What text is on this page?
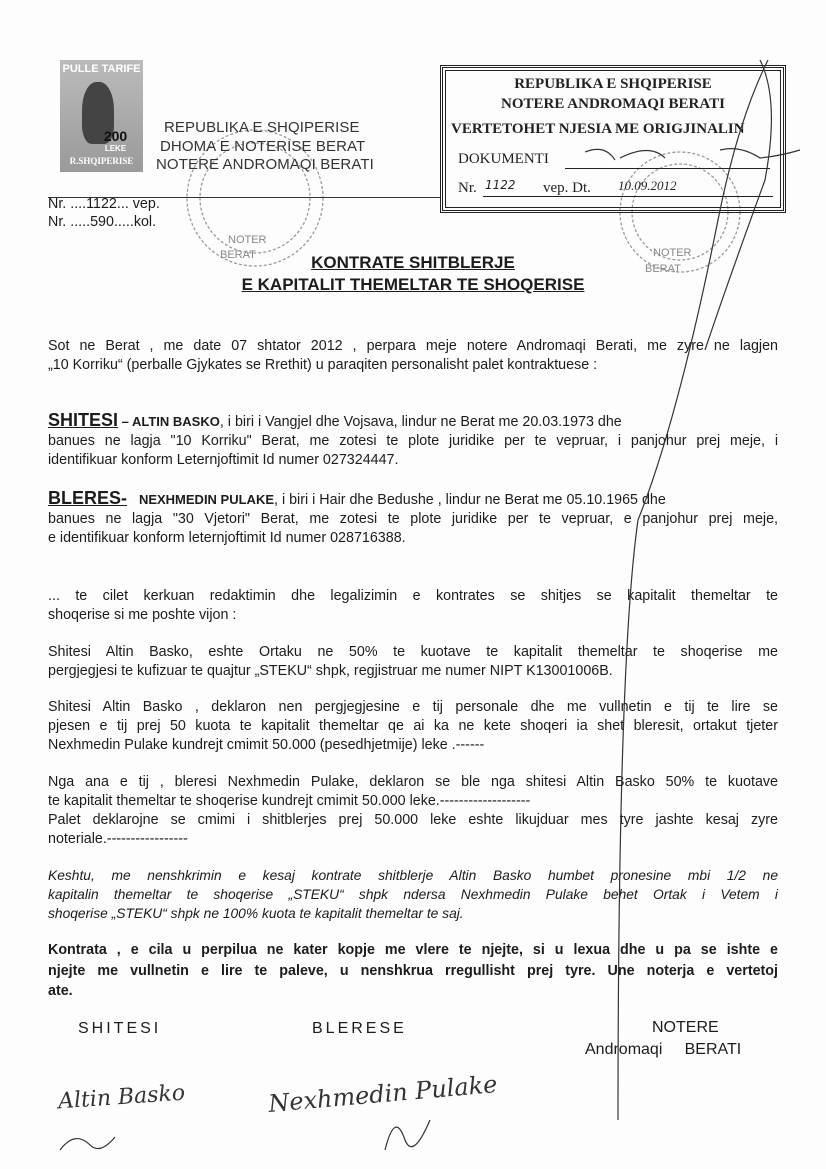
NOTER
BERAT	NOTER
BERAT
PULLE TARIFE
200
LEKE
R.SHQIPERISE
REPUBLIKA E SHQIPERISE
DHOMA E NOTERISE BERAT
NOTERE ANDROMAQI BERATI
REPUBLIKA E SHQIPERISE
NOTERE ANDROMAQI BERATI
VERTETOHET NJESIA ME ORIGJINALIN
DOKUMENTI
Nr. 1122 vep. Dt. 10.09.2012
Nr. ....1122... vep.
Nr. .....590.....kol.
KONTRATE SHITBLERJE
E KAPITALIT THEMELTAR TE SHOQERISE
Sot ne Berat , me date 07 shtator 2012 , perpara meje notere Andromaqi Berati, me zyre ne lagjen
„10 Korriku“ (perballe Gjykates se Rrethit) u paraqiten personalisht palet kontraktuese :
SHITESI – ALTIN BASKO, i biri i Vangjel dhe Vojsava, lindur ne Berat me 20.03.1973 dhe
banues ne lagja "10 Korriku" Berat, me zotesi te plote juridike per te vepruar, i panjohur prej meje, i
identifikuar konform Leternjoftimit Id numer 027324447.
BLERES- NEXHMEDIN PULAKE, i biri i Hair dhe Bedushe , lindur ne Berat me 05.10.1965 dhe
banues ne lagja "30 Vjetori" Berat, me zotesi te plote juridike per te vepruar, e panjohur prej meje,
e identifikuar konform leternjoftimit Id numer 028716388.
... te cilet kerkuan redaktimin dhe legalizimin e kontrates se shitjes se kapitalit themeltar te
shoqerise si me poshte vijon :
Shitesi Altin Basko, eshte Ortaku ne 50% te kuotave te kapitalit themeltar te shoqerise me
pergjegjesi te kufizuar te quajtur „STEKU“ shpk, regjistruar me numer NIPT K13001006B.
Shitesi Altin Basko , deklaron nen pergjegjesine e tij personale dhe me vullnetin e tij te lire se
pjesen e tij prej 50 kuota te kapitalit themeltar qe ai ka ne kete shoqeri ia shet bleresit, ortakut tjeter
Nexhmedin Pulake kundrejt cmimit 50.000 (pesedhjetmije) leke .------
Nga ana e tij , bleresi Nexhmedin Pulake, deklaron se ble nga shitesi Altin Basko 50% te kuotave
te kapitalit themeltar te shoqerise kundrejt cmimit 50.000 leke.-------------------
Palet deklarojne se cmimi i shitblerjes prej 50.000 leke eshte likujduar mes tyre jashte kesaj zyre
noteriale.-----------------
Keshtu, me nenshkrimin e kesaj kontrate shitblerje Altin Basko humbet pronesine mbi 1/2 ne
kapitalin themeltar te shoqerise „STEKU“ shpk ndersa Nexhmedin Pulake behet Ortak i Vetem i
shoqerise „STEKU“ shpk ne 100% kuota te kapitalit themeltar te saj.
Kontrata , e cila u perpilua ne kater kopje me vlere te njejte, si u lexua dhe u pa se ishte e
njejte me vullnetin e lire te paleve, u nenshkrua rregullisht prej tyre. Une noterja e vertetoj
ate.
SHITESI	BLERESE	NOTERE
Andromaqi     BERATI
Altin Basko	Nexhmedin Pulake
